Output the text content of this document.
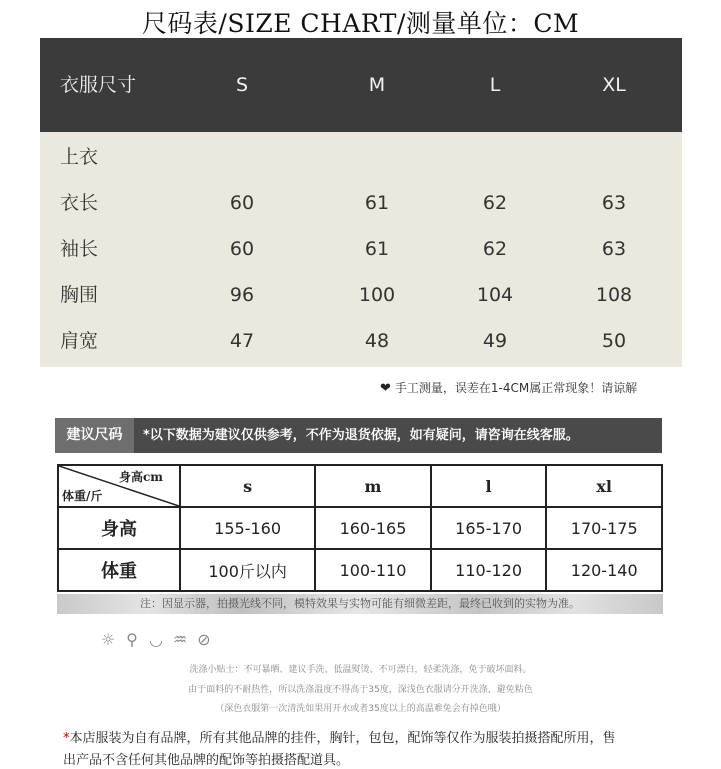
尺码表/SIZE CHART/测量单位：CM
衣服尺寸	S	M	L	XL
上衣
衣长	60	61	62	63
袖长	60	61	62	63
胸围	96	100	104	108
肩宽	47	48	49	50
❤ 手工测量，误差在1-4CM属正常现象！请谅解
建议尺码	*以下数据为建议仅供参考，不作为退货依据，如有疑问，请咨询在线客服。
身高cm
体重/斤	s	m	l	xl
身高	155-160	160-165	165-170	170-175
体重	100斤以内	100-110	110-120	120-140
注：因显示器，拍摄光线不同，模特效果与实物可能有细微差距，最终已收到的实物为准。
☼ ⚲ ◡ ♒ ⊘
洗涤小贴士：不可暴晒、建议手洗、低温熨烫、不可漂白，轻柔洗涤，免于破坏面料。
由于面料的不耐热性，所以洗涤温度不得高于35度，深浅色衣服请分开洗涤，避免粘色
（深色衣服第一次清洗如果用开水或者35度以上的高温难免会有掉色哦）
*本店服装为自有品牌，所有其他品牌的挂件，胸针，包包，配饰等仅作为服装拍摄搭配所用，售
出产品不含任何其他品牌的配饰等拍摄搭配道具。
